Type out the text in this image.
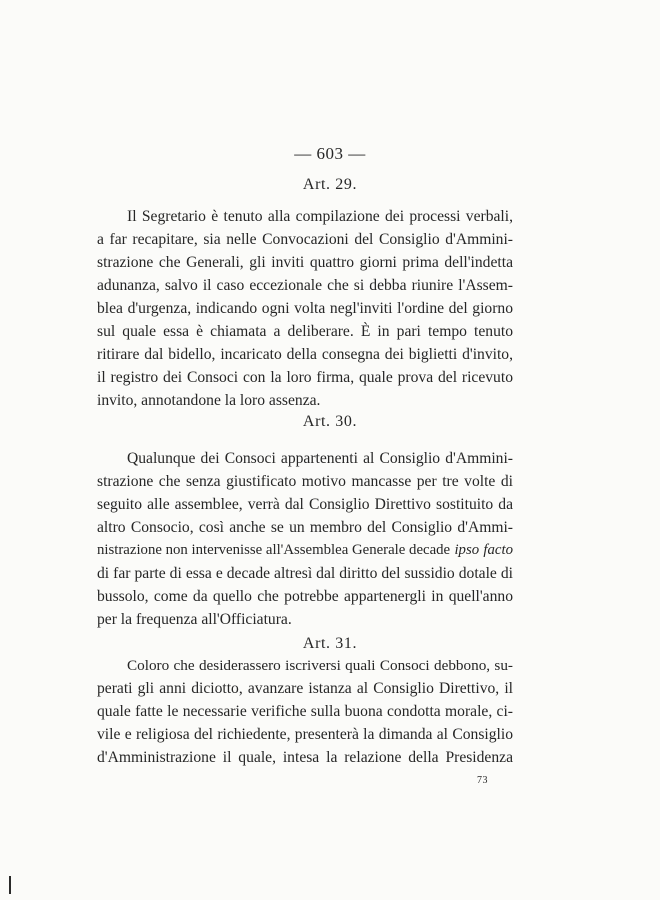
— 603 —
Art. 29.
Il Segretario è tenuto alla compilazione dei processi verbali,
a far recapitare, sia nelle Convocazioni del Consiglio d'Ammini-
strazione che Generali, gli inviti quattro giorni prima dell'indetta
adunanza, salvo il caso eccezionale che si debba riunire l'Assem-
blea d'urgenza, indicando ogni volta negl'inviti l'ordine del giorno
sul quale essa è chiamata a deliberare. È in pari tempo tenuto
ritirare dal bidello, incaricato della consegna dei biglietti d'invito,
il registro dei Consoci con la loro firma, quale prova del ricevuto
invito, annotandone la loro assenza.
Art. 30.
Qualunque dei Consoci appartenenti al Consiglio d'Ammini-
strazione che senza giustificato motivo mancasse per tre volte di
seguito alle assemblee, verrà dal Consiglio Direttivo sostituito da
altro Consocio, così anche se un membro del Consiglio d'Ammi-
nistrazione non intervenisse all'Assemblea Generale decade ipso facto
di far parte di essa e decade altresì dal diritto del sussidio dotale di
bussolo, come da quello che potrebbe appartenergli in quell'anno
per la frequenza all'Officiatura.
Art. 31.
Coloro che desiderassero iscriversi quali Consoci debbono, su-
perati gli anni diciotto, avanzare istanza al Consiglio Direttivo, il
quale fatte le necessarie verifiche sulla buona condotta morale, ci-
vile e religiosa del richiedente, presenterà la dimanda al Consiglio
d'Amministrazione il quale, intesa la relazione della Presidenza
73
